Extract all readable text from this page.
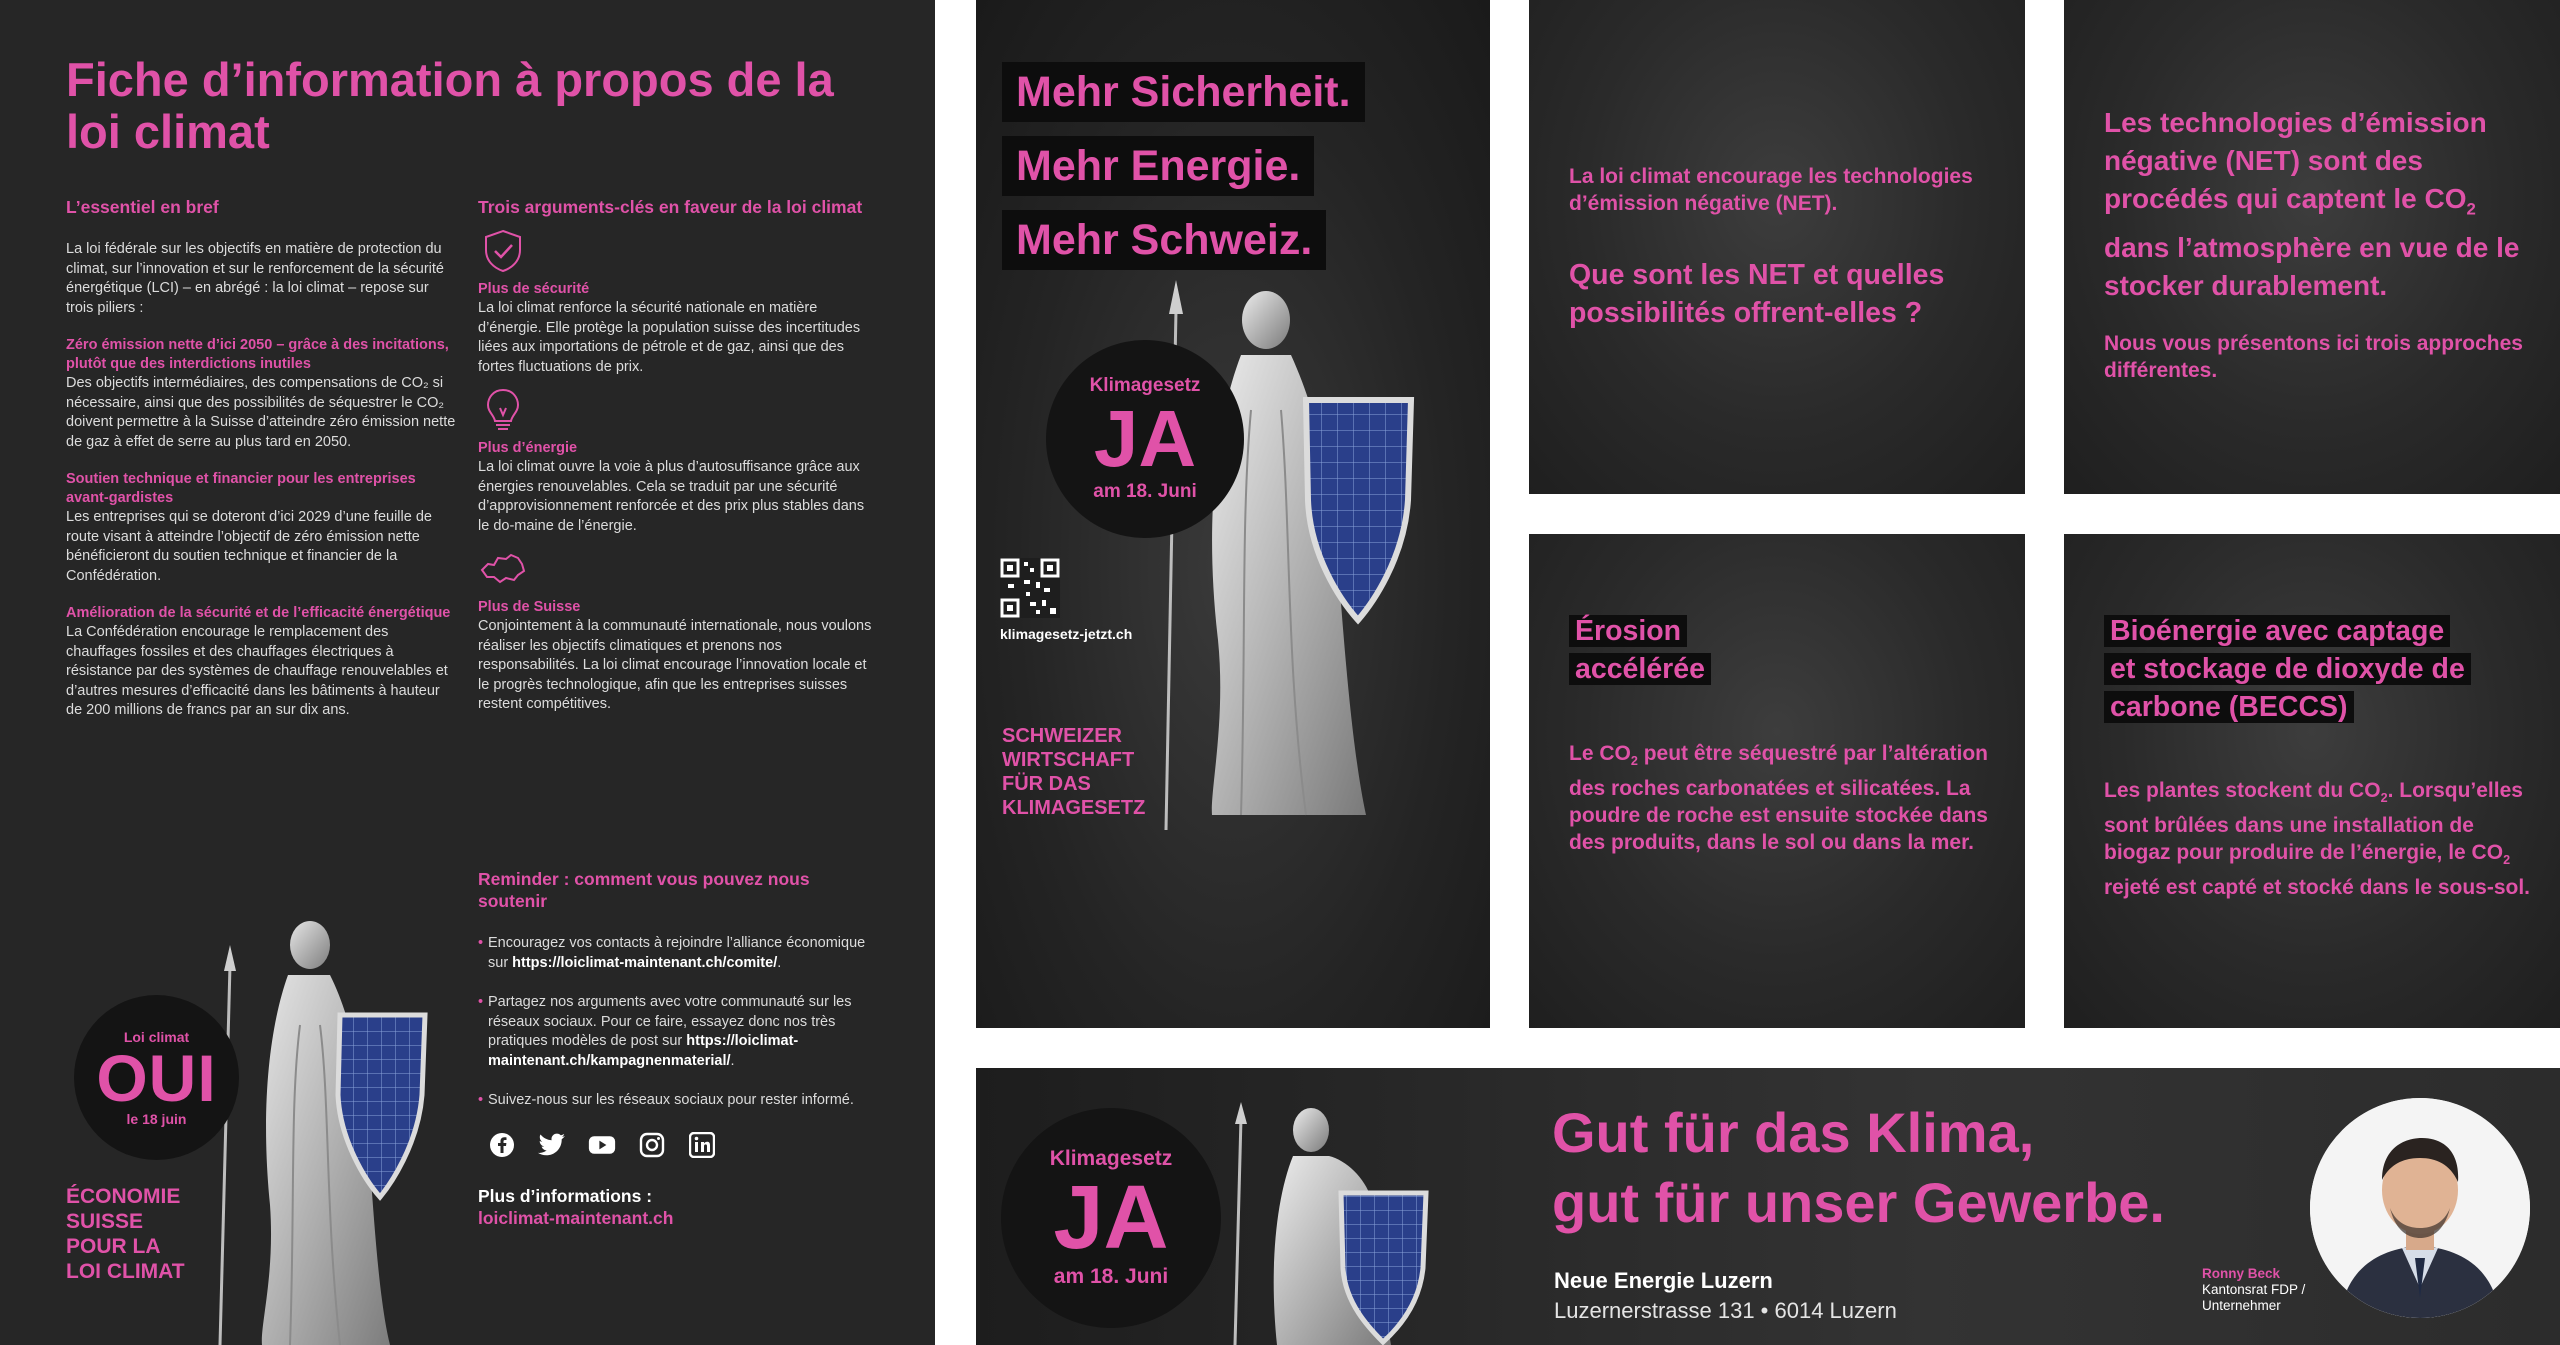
Fiche d’information à propos de la loi climat
L’essentiel en bref

La loi fédérale sur les objectifs en matière de protection du climat, sur l’innovation et sur le renforcement de la sécurité énergétique (LCI) – en abrégé : la loi climat – repose sur trois piliers :

Zéro émission nette d’ici 2050 – grâce à des incitations, plutôt que des interdictions inutiles

Des objectifs intermédiaires, des compensations de CO₂ si nécessaire, ainsi que des possibilités de séquestrer le CO₂ doivent permettre à la Suisse d’atteindre zéro émission nette de gaz à effet de serre au plus tard en 2050.

Soutien technique et financier pour les entreprises avant-gardistes

Les entreprises qui se doteront d’ici 2029 d’une feuille de route visant à atteindre l’objectif de zéro émission nette bénéficieront du soutien technique et financier de la Confédération.

Amélioration de la sécurité et de l’efficacité énergétique

La Confédération encourage le remplacement des chauffages fossiles et des chauffages électriques à résistance par des systèmes de chauffage renouvelables et d’autres mesures d’efficacité dans les bâtiments à hauteur de 200 millions de francs par an sur dix ans.

Trois arguments-clés en faveur de la loi climat
Plus de sécurité

La loi climat renforce la sécurité nationale en matière d’énergie. Elle protège la population suisse des incertitudes liées aux importations de pétrole et de gaz, ainsi que des fortes fluctuations de prix.

Plus d’énergie

La loi climat ouvre la voie à plus d’autosuffisance grâce aux énergies renouvelables. Cela se traduit par une sécurité d’approvisionnement renforcée et des prix plus stables dans le do-maine de l’énergie.

Plus de Suisse

Conjointement à la communauté internationale, nous voulons réaliser les objectifs climatiques et prenons nos responsabilités. La loi climat encourage l’innovation locale et le progrès technologique, afin que les entreprises suisses restent compétitives.

Reminder : comment vous pouvez nous soutenir
• Encouragez vos contacts à rejoindre l’alliance économique sur https://loiclimat-maintenant.ch/comite/.
• Partagez nos arguments avec votre communauté sur les réseaux sociaux. Pour ce faire, essayez donc nos très pratiques modèles de post sur https://loiclimat-maintenant.ch/kampagnenmaterial/.
• Suivez-nous sur les réseaux sociaux pour rester informé.
Plus d’informations :
loiclimat-maintenant.ch
Loi climat
OUI
le 18 juin
ÉCONOMIE
SUISSE
POUR LA
LOI CLIMAT
Mehr Sicherheit.
Mehr Energie.
Mehr Schweiz.
Klimagesetz
JA
am 18. Juni
klimagesetz-jetzt.ch
SCHWEIZER
WIRTSCHAFT
FÜR DAS
KLIMAGESETZ
La loi climat encourage les technologies d’émission négative (NET).
Que sont les NET et quelles possibilités offrent-elles ?
Les technologies d’émission négative (NET) sont des procédés qui captent le $CO_2$ dans l’atmosphère en vue de le stocker durablement.
Nous vous présentons ici trois approches différentes.
Érosion
accélérée
Le $CO_2$ peut être séquestré par l’altération des roches carbonatées et silicatées. La poudre de roche est ensuite stockée dans des produits, dans le sol ou dans la mer.
Bioénergie avec captage
et stockage de dioxyde de
carbone (BECCS)
Les plantes stockent du $CO_2$. Lorsqu’elles sont brûlées dans une installation de biogaz pour produire de l’énergie, le $CO_2$ rejeté est capté et stocké dans le sous-sol.
Klimagesetz
JA
am 18. Juni
Gut für das Klima,
gut für unser Gewerbe.
Neue Energie Luzern
Luzernerstrasse 131 • 6014 Luzern
Ronny Beck
Kantonsrat FDP / Unternehmer
